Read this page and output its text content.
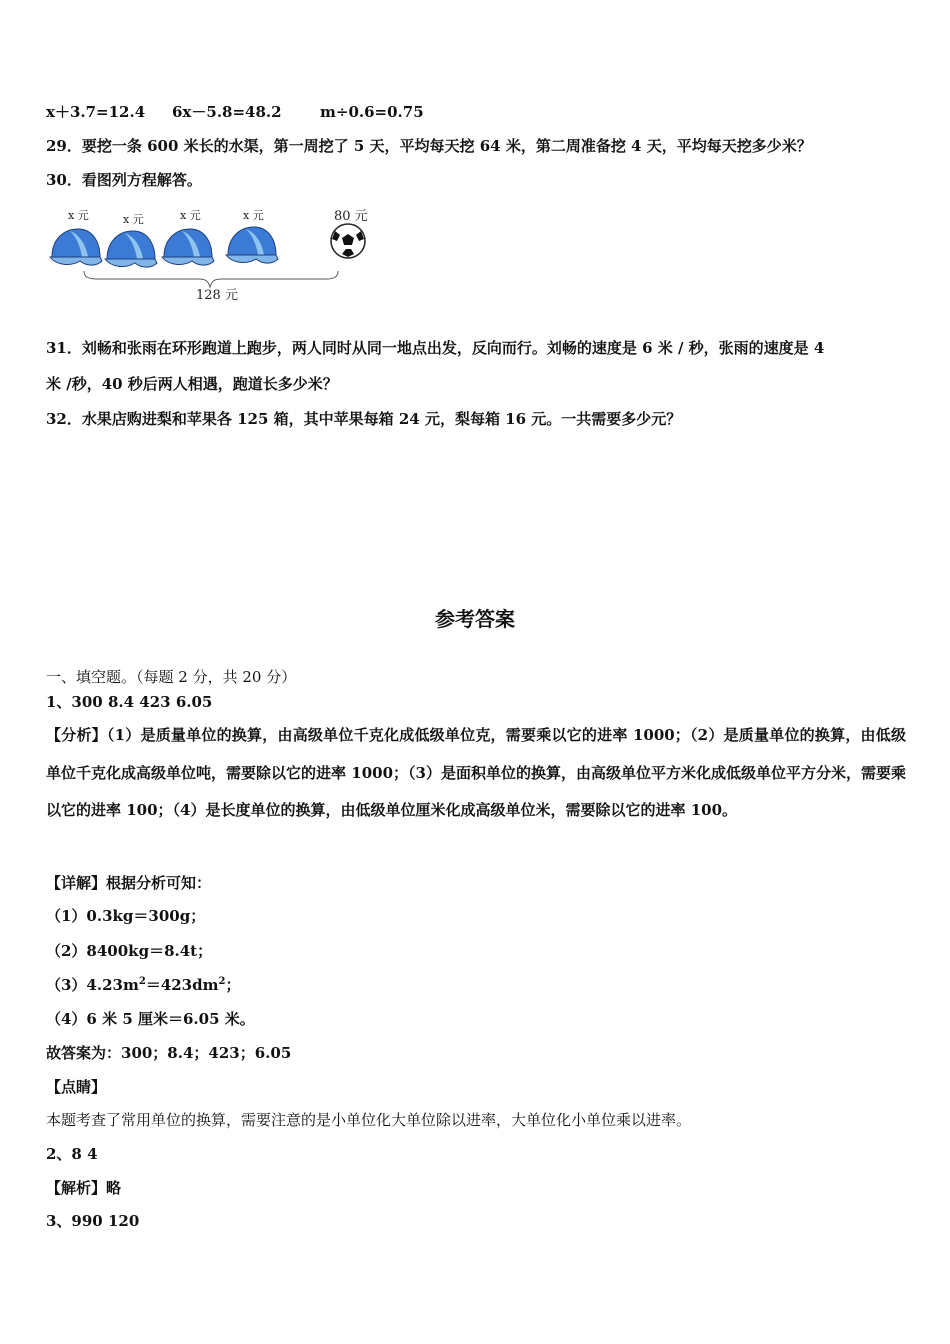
x＋3.7=12.4 6x－5.8=48.2	m÷0.6=0.75
29．要挖一条 600 米长的水渠，第一周挖了 5 天，平均每天挖 64 米，第二周准备挖 4 天，平均每天挖多少米？
30．看图列方程解答。
x 元	x 元	x 元	x 元	80 元
128 元
31．刘畅和张雨在环形跑道上跑步，两人同时从同一地点出发，反向而行。刘畅的速度是 6 米 / 秒，张雨的速度是 4
米 /秒，40 秒后两人相遇，跑道长多少米？
32．水果店购进梨和苹果各 125 箱，其中苹果每箱 24 元，梨每箱 16 元。一共需要多少元？
参考答案
一、填空题。（每题 2 分，共 20 分）
1、300 8.4 423 6.05
【分析】（1）是质量单位的换算，由高级单位千克化成低级单位克，需要乘以它的进率 1000；（2）是质量单位的换算，由低级单位千克化成高级单位吨，需要除以它的进率 1000；（3）是面积单位的换算，由高级单位平方米化成低级单位平方分米，需要乘以它的进率 100；（4）是长度单位的换算，由低级单位厘米化成高级单位米，需要除以它的进率 100。
【详解】根据分析可知：
（1）0.3kg＝300g；
（2）8400kg＝8.4t；
$(3)4.23m^2=423dm^2$；
（4）6 米 5 厘米＝6.05 米。
故答案为：300；8.4；423；6.05
【点睛】
本题考查了常用单位的换算，需要注意的是小单位化大单位除以进率，大单位化小单位乘以进率。
2、8 4
【解析】略
3、990 120
